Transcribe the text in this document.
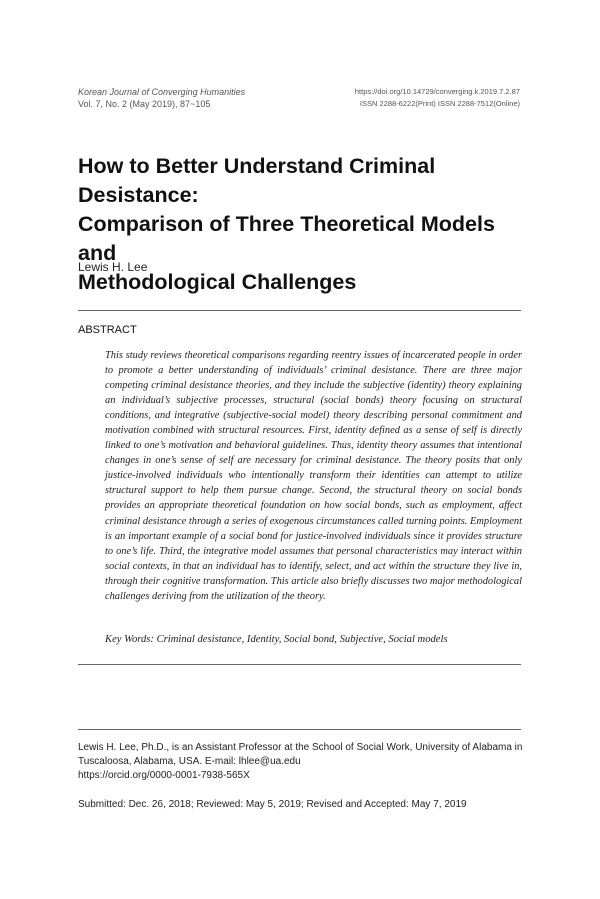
Korean Journal of Converging Humanities
Vol. 7, No. 2 (May 2019), 87~105
https://doi.org/10.14729/converging.k.2019.7.2.87
ISSN 2288-6222(Print) ISSN 2288-7512(Online)
How to Better Understand Criminal Desistance:
Comparison of Three Theoretical Models and
Methodological Challenges
Lewis H. Lee
ABSTRACT
This study reviews theoretical comparisons regarding reentry issues of incarcerated people in order to promote a better understanding of individuals’ criminal desistance. There are three major competing criminal desistance theories, and they include the subjective (identity) theory explaining an individual’s subjective processes, structural (social bonds) theory focusing on structural conditions, and integrative (subjective-social model) theory describing personal commitment and motivation combined with structural resources. First, identity defined as a sense of self is directly linked to one’s motivation and behavioral guidelines. Thus, identity theory assumes that intentional changes in one’s sense of self are necessary for criminal desistance. The theory posits that only justice-involved individuals who intentionally transform their identities can attempt to utilize structural support to help them pursue change. Second, the structural theory on social bonds provides an appropriate theoretical foundation on how social bonds, such as employment, affect criminal desistance through a series of exogenous circumstances called turning points. Employment is an important example of a social bond for justice-involved individuals since it provides structure to one’s life. Third, the integrative model assumes that personal characteristics may interact within social contexts, in that an individual has to identify, select, and act within the structure they live in, through their cognitive transformation. This article also briefly discusses two major methodological challenges deriving from the utilization of the theory.
Key Words: Criminal desistance, Identity, Social bond, Subjective, Social models
Lewis H. Lee, Ph.D., is an Assistant Professor at the School of Social Work, University of Alabama in Tuscaloosa, Alabama, USA. E-mail: lhlee@ua.edu
https://orcid.org/0000-0001-7938-565X
Submitted: Dec. 26, 2018; Reviewed: May 5, 2019; Revised and Accepted: May 7, 2019
